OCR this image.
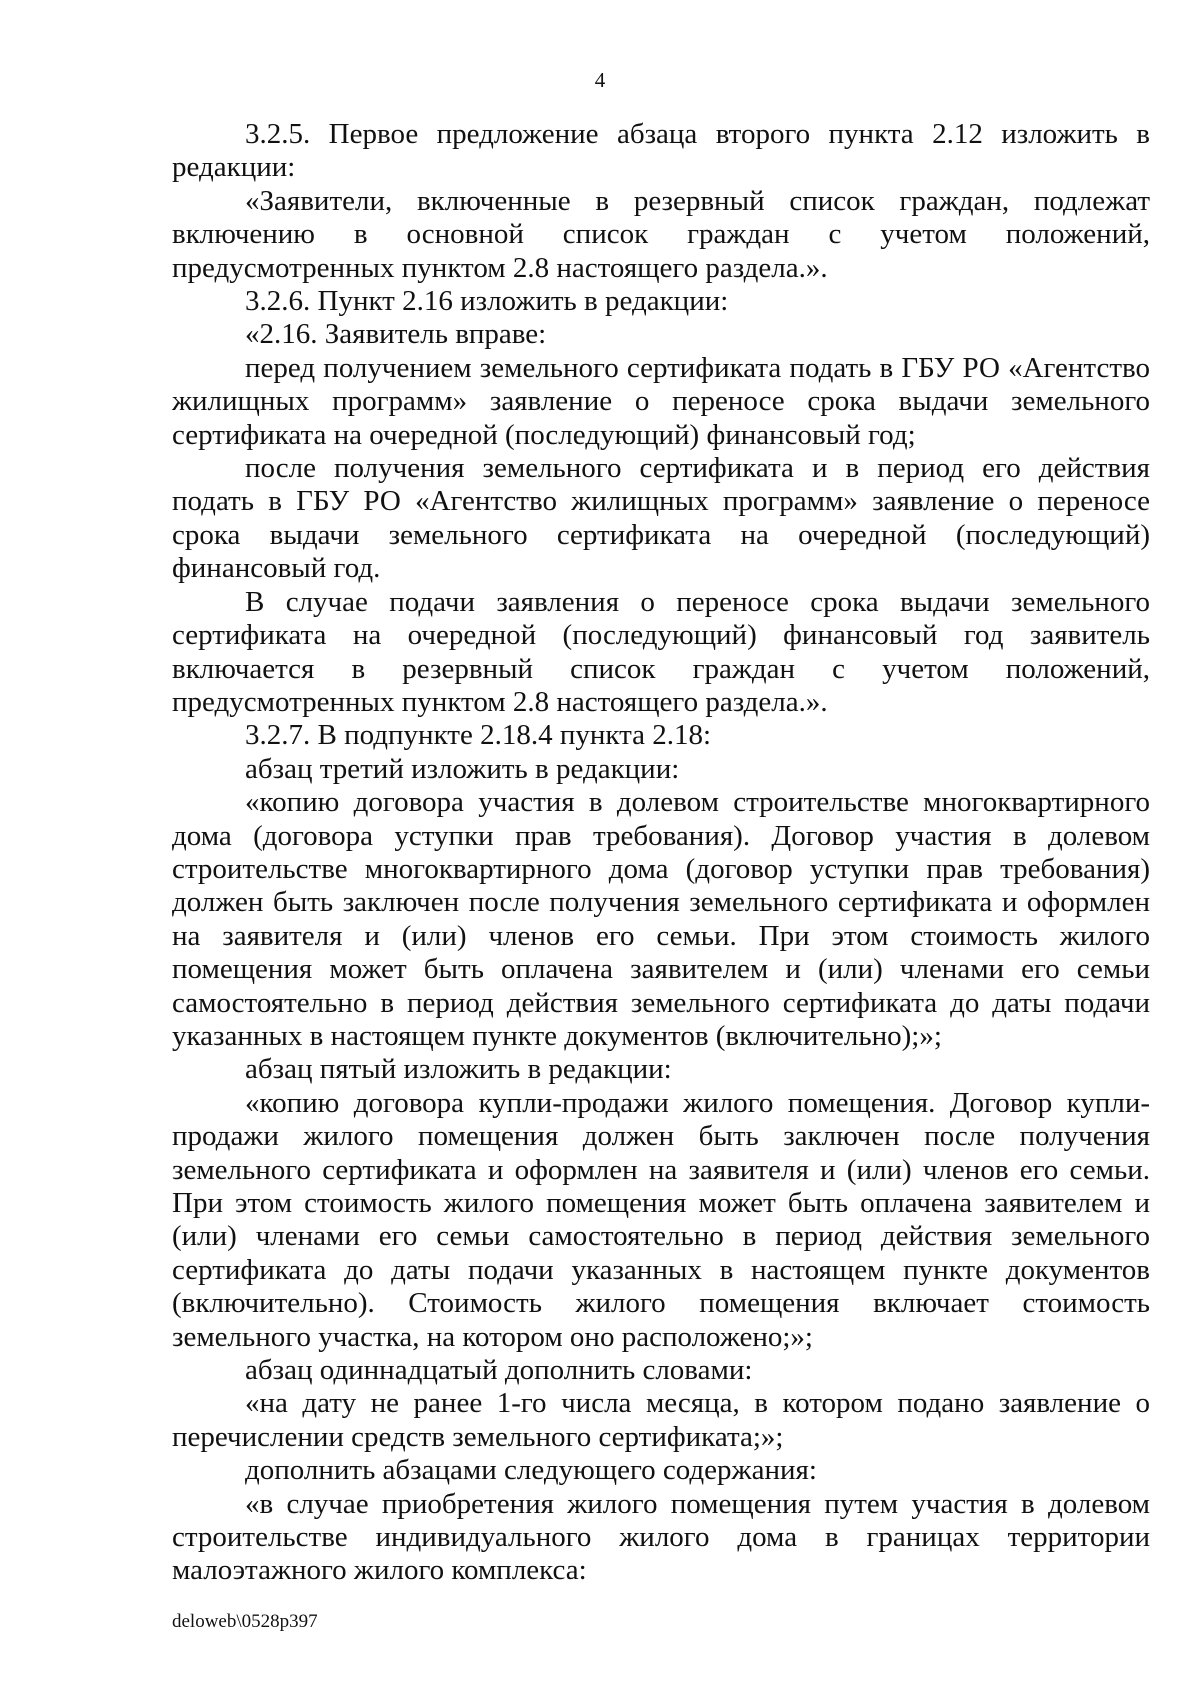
4

3.2.5. Первое предложение абзаца второго пункта 2.12 изложить в редакции:

«Заявители, включенные в резервный список граждан, подлежат включению в основной список граждан с учетом положений, предусмотренных пунктом 2.8 настоящего раздела.».

3.2.6. Пункт 2.16 изложить в редакции:

«2.16. Заявитель вправе:

перед получением земельного сертификата подать в ГБУ РО «Агентство жилищных программ» заявление о переносе срока выдачи земельного сертификата на очередной (последующий) финансовый год;

после получения земельного сертификата и в период его действия подать в ГБУ РО «Агентство жилищных программ» заявление о переносе срока выдачи земельного сертификата на очередной (последующий) финансовый год.

В случае подачи заявления о переносе срока выдачи земельного сертификата на очередной (последующий) финансовый год заявитель включается в резервный список граждан с учетом положений, предусмотренных пунктом 2.8 настоящего раздела.».

3.2.7. В подпункте 2.18.4 пункта 2.18:

абзац третий изложить в редакции:

«копию договора участия в долевом строительстве многоквартирного дома (договора уступки прав требования). Договор участия в долевом строительстве многоквартирного дома (договор уступки прав требования) должен быть заключен после получения земельного сертификата и оформлен на заявителя и (или) членов его семьи. При этом стоимость жилого помещения может быть оплачена заявителем и (или) членами его семьи самостоятельно в период действия земельного сертификата до даты подачи указанных в настоящем пункте документов (включительно);»;

абзац пятый изложить в редакции:

«копию договора купли-продажи жилого помещения. Договор купли-продажи жилого помещения должен быть заключен после получения земельного сертификата и оформлен на заявителя и (или) членов его семьи. При этом стоимость жилого помещения может быть оплачена заявителем и (или) членами его семьи самостоятельно в период действия земельного сертификата до даты подачи указанных в настоящем пункте документов (включительно). Стоимость жилого помещения включает стоимость земельного участка, на котором оно расположено;»;

абзац одиннадцатый дополнить словами:

«на дату не ранее 1-го числа месяца, в котором подано заявление о перечислении средств земельного сертификата;»;

дополнить абзацами следующего содержания:

«в случае приобретения жилого помещения путем участия в долевом строительстве индивидуального жилого дома в границах территории малоэтажного жилого комплекса:

deloweb\0528p397
